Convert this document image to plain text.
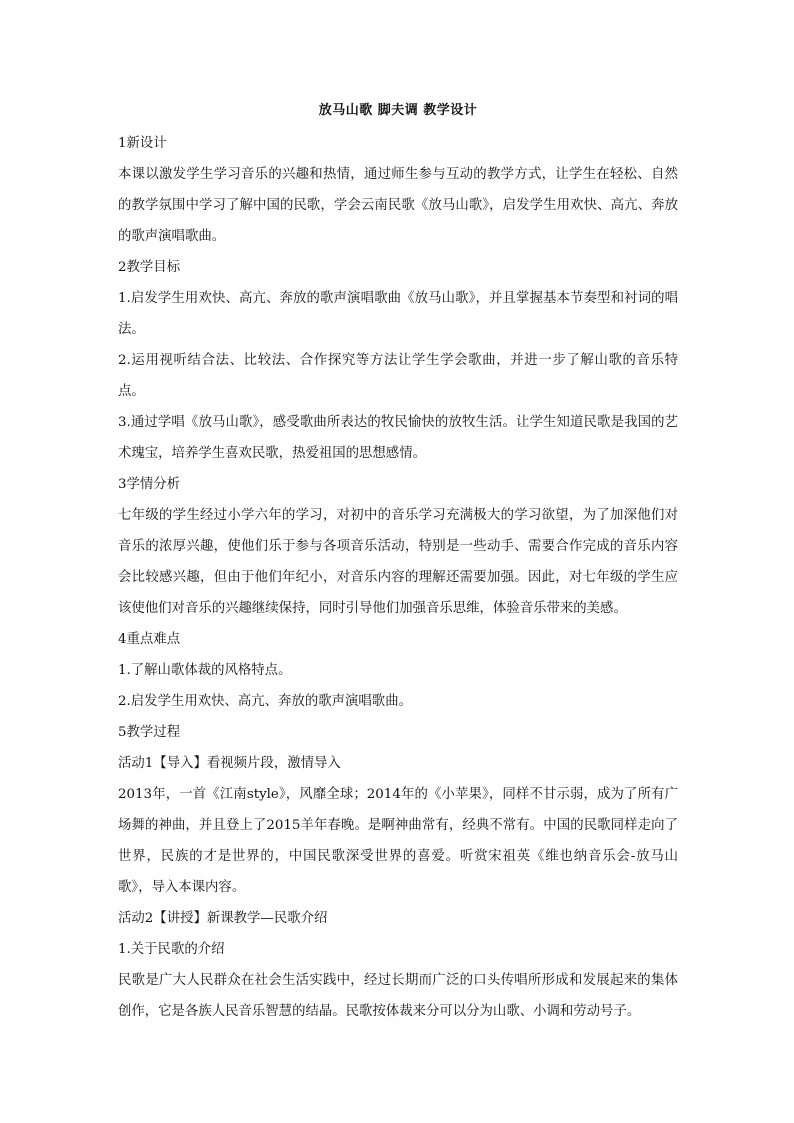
放马山歌 脚夫调 教学设计

1新设计

本课以激发学生学习音乐的兴趣和热情，通过师生参与互动的教学方式，让学生在轻松、自然的教学氛围中学习了解中国的民歌，学会云南民歌《放马山歌》，启发学生用欢快、高亢、奔放的歌声演唱歌曲。

2教学目标

1.启发学生用欢快、高亢、奔放的歌声演唱歌曲《放马山歌》，并且掌握基本节奏型和衬词的唱法。

2.运用视听结合法、比较法、合作探究等方法让学生学会歌曲，并进一步了解山歌的音乐特点。

3.通过学唱《放马山歌》，感受歌曲所表达的牧民愉快的放牧生活。让学生知道民歌是我国的艺术瑰宝，培养学生喜欢民歌，热爱祖国的思想感情。

3学情分析

七年级的学生经过小学六年的学习，对初中的音乐学习充满极大的学习欲望，为了加深他们对音乐的浓厚兴趣，使他们乐于参与各项音乐活动，特别是一些动手、需要合作完成的音乐内容会比较感兴趣，但由于他们年纪小，对音乐内容的理解还需要加强。因此，对七年级的学生应该使他们对音乐的兴趣继续保持，同时引导他们加强音乐思维，体验音乐带来的美感。

4重点难点

1.了解山歌体裁的风格特点。

2.启发学生用欢快、高亢、奔放的歌声演唱歌曲。

5教学过程

活动1【导入】看视频片段，激情导入

2013年，一首《江南style》，风靡全球；2014年的《小苹果》，同样不甘示弱，成为了所有广场舞的神曲，并且登上了2015羊年春晚。是啊神曲常有，经典不常有。中国的民歌同样走向了世界，民族的才是世界的，中国民歌深受世界的喜爱。听赏宋祖英《维也纳音乐会-放马山歌》，导入本课内容。

活动2【讲授】新课教学—民歌介绍

1.关于民歌的介绍

民歌是广大人民群众在社会生活实践中，经过长期而广泛的口头传唱所形成和发展起来的集体创作，它是各族人民音乐智慧的结晶。民歌按体裁来分可以分为山歌、小调和劳动号子。
